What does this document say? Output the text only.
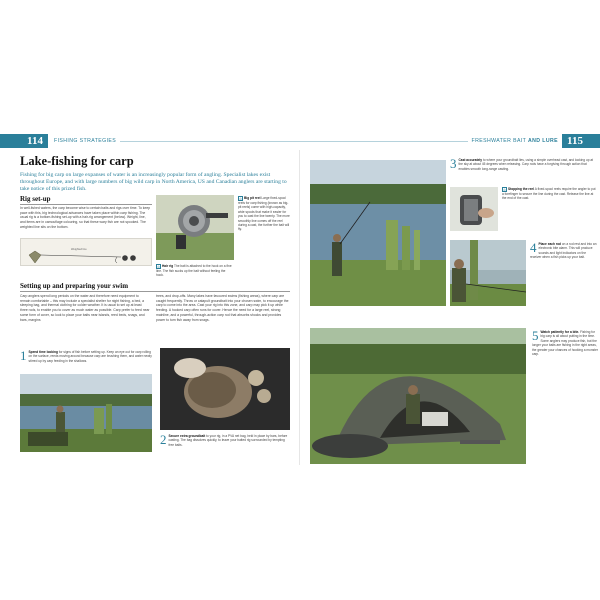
114	FISHING STRATEGIES	FRESHWATER BAIT AND LURE 115
Lake-fishing for carp
Fishing for big carp on large expanses of water is an increasingly popular form of angling. Specialist lakes exist throughout Europe, and with large numbers of big wild carp in North America, US and Canadian anglers are starting to take notice of this prized fish.
Rig set-up
In well-fished waters, the carp become wise to certain baits and rigs over time. To keep pace with this, big technological advances have taken place within carp fishing. The usual rig is a bottom-fishing set-up with a hair-rig arrangement (below). Weight, line, and items are in camouflage colouring, so that these wary fish are not spooked. The weighted line sits on the bottom.
Weighted line
◎ Big pit reel Large fixed-spool reels for carp fishing (known as big-pit reels) come with high-capacity, wide spools that make it easier for you to cast the line twenty. The more smoothly line comes off the reel during a cast, the further the bait will fly.
◎ Hair rig The bait is attached to the hook on a fine line. The fish sucks up the bait without feeling the hook.
Setting up and preparing your swim
Carp anglers spend long periods on the water and therefore need equipment to remain comfortable – this may include a specialist shelter for night fishing, a bed, a sleeping bag, and thermal clothing for colder weather. It is usual to set up at least three rods, to enable you to cover as much water as possible. Carp prefer to feed near some form of cover, so look to place your baits near islands, reed beds, snags, and bars, margins
trees, and drop-offs. Many lakes have favoured swims (fishing areas), where carp are caught frequently. Throw or catapult groundbait into your chosen swim, to encourage the carp to come into the area. Cast your rig into this zone, and carp may pick it up while feeding. A hooked carp often runs for cover. Hence the need for a large reel, strong mainline, and a powerful, through-action carp rod that absorbs shocks and provides power to turn fish away from snags.
1 Spend time looking for signs of fish before setting up. Keep an eye out for carp rolling on the surface, reeds moving around because carp are brushing them, and water newly stirred up by carp feeding in the shallows.
2 Secure extra groundbait to your rig, in a PVA net bag, held in place by bars, before casting. The bag dissolves quickly, to leave your baited rig surrounded by tempting free baits.
3 Cast accurately to where your groundbait lies, using a simple overhead cast, and looking up at the sky at about 45 degrees when releasing. Carp rods have a forgiving through action that enables smooth long-range casting.
◎ Stopping the reel A fixed-spool reels require the angler to put a forefinger to secure the line during the cast. Release the line at the end of the cast.
4 Place each rod on a rod rest and into an electronic bite alarm. This will produce sounds and light indicators on the receiver when a fish picks up your bait.
5 Watch patiently for a bite. Fishing for big carp is all about putting in the time. Some anglers may produce fish, but the longer your baits are fishing in the right areas, the greater your chances of hooking a monster carp.
